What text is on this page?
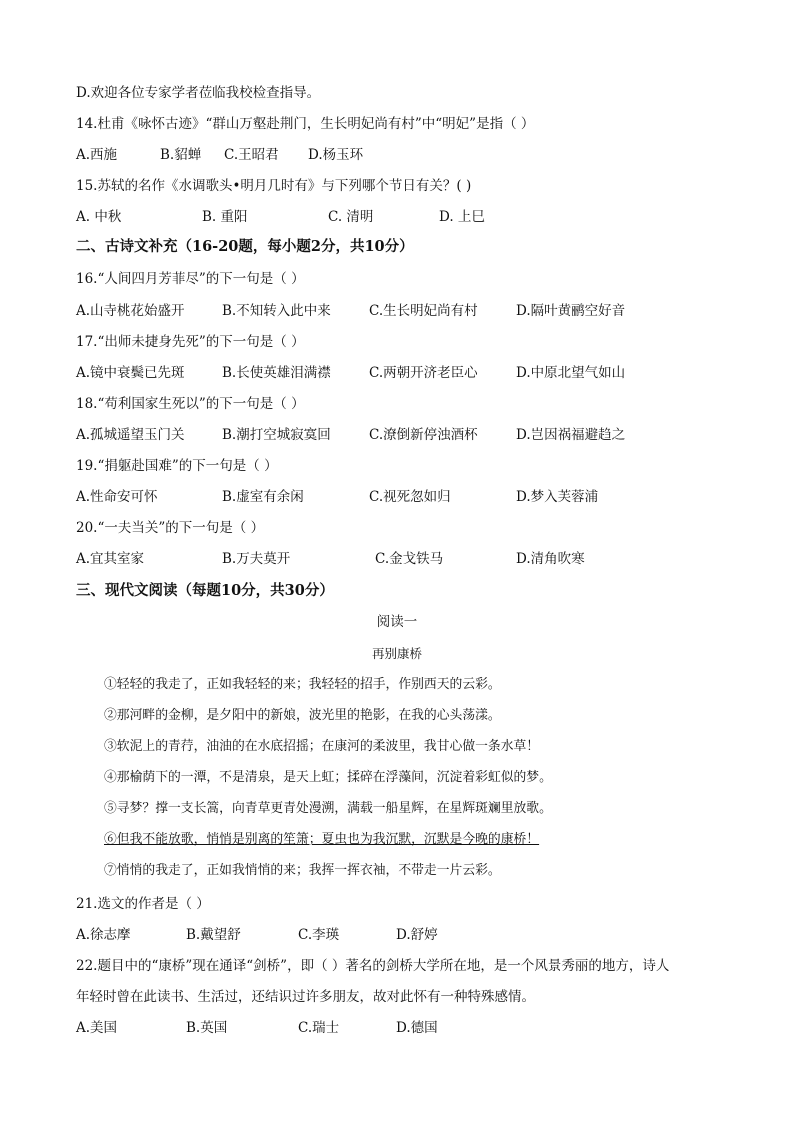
D.欢迎各位专家学者莅临我校检查指导。
14.杜甫《咏怀古迹》“群山万壑赴荆门，生长明妃尚有村”中“明妃”是指（ ）
A.西施	B.貂蝉 C.王昭君 D.杨玉环
15.苏轼的名作《水调歌头•明月几时有》与下列哪个节日有关？( )
A. 中秋	B. 重阳	C. 清明	D. 上巳
二、古诗文补充（16-20题，每小题2分，共10分）
16.“人间四月芳菲尽”的下一句是（ ）
A.山寺桃花始盛开	B.不知转入此中来	C.生长明妃尚有村	D.隔叶黄鹂空好音
17.“出师未捷身先死”的下一句是（ ）
A.镜中衰鬓已先斑	B.长使英雄泪满襟	C.两朝开济老臣心	D.中原北望气如山
18.“苟利国家生死以”的下一句是（ ）
A.孤城遥望玉门关	B.潮打空城寂寞回	C.潦倒新停浊酒杯	D.岂因祸福避趋之
19.“捐躯赴国难”的下一句是（ ）
A.性命安可怀	B.虚室有余闲	C.视死忽如归	D.梦入芙蓉浦
20.“一夫当关”的下一句是（ ）
A.宜其室家	B.万夫莫开	C.金戈铁马	D.清角吹寒
三、现代文阅读（每题10分，共30分）
阅读一
再别康桥
①轻轻的我走了，正如我轻轻的来；我轻轻的招手，作别西天的云彩。
②那河畔的金柳，是夕阳中的新娘，波光里的艳影，在我的心头荡漾。
③软泥上的青荇，油油的在水底招摇；在康河的柔波里，我甘心做一条水草！
④那榆荫下的一潭，不是清泉，是天上虹；揉碎在浮藻间，沉淀着彩虹似的梦。
⑤寻梦？撑一支长篙，向青草更青处漫溯，满载一船星辉，在星辉斑斓里放歌。
⑥但我不能放歌，悄悄是别离的笙箫；夏虫也为我沉默，沉默是今晚的康桥！
⑦悄悄的我走了，正如我悄悄的来；我挥一挥衣袖，不带走一片云彩。
21.选文的作者是（ ）
A.徐志摩	B.戴望舒	C.李瑛	D.舒婷
22.题目中的“康桥”现在通译“剑桥”，即（ ）著名的剑桥大学所在地，是一个风景秀丽的地方，诗人
年轻时曾在此读书、生活过，还结识过许多朋友，故对此怀有一种特殊感情。
A.美国	B.英国	C.瑞士	D.德国
